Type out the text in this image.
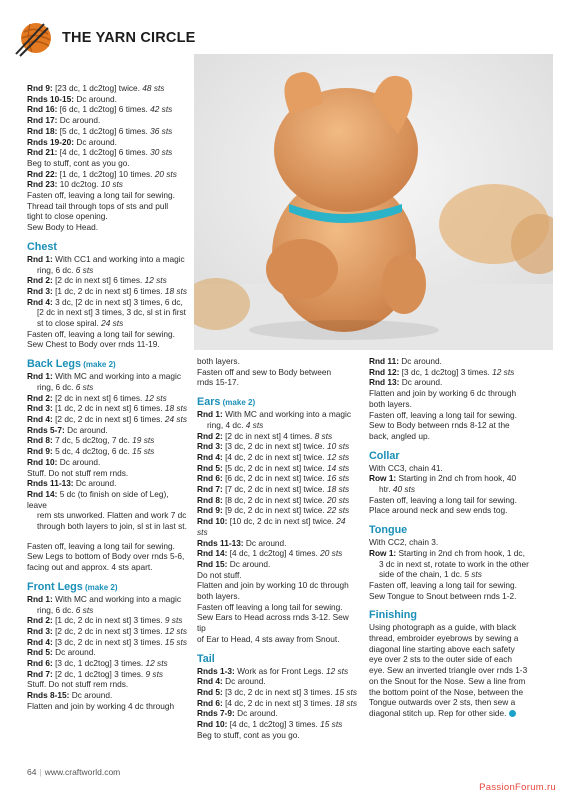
THE YARN CIRCLE
Rnd 9: [23 dc, 1 dc2tog] twice. 48 sts
Rnds 10-15: Dc around.
Rnd 16: [6 dc, 1 dc2tog] 6 times. 42 sts
Rnd 17: Dc around.
Rnd 18: [5 dc, 1 dc2tog] 6 times. 36 sts
Rnds 19-20: Dc around.
Rnd 21: [4 dc, 1 dc2tog] 6 times. 30 sts
Beg to stuff, cont as you go.
Rnd 22: [1 dc, 1 dc2tog] 10 times. 20 sts
Rnd 23: 10 dc2tog. 10 sts
Fasten off, leaving a long tail for sewing.
Thread tail through tops of sts and pull
tight to close opening.
Sew Body to Head.
Chest
Rnd 1: With CC1 and working into a magic
ring, 6 dc. 6 sts
Rnd 2: [2 dc in next st] 6 times. 12 sts
Rnd 3: [1 dc, 2 dc in next st] 6 times. 18 sts
Rnd 4: 3 dc, [2 dc in next st] 3 times, 6 dc,
[2 dc in next st] 3 times, 3 dc, sl st in first
st to close spiral. 24 sts
Fasten off, leaving a long tail for sewing.
Sew Chest to Body over rnds 11-19.
Back Legs (make 2)
Rnd 1: With MC and working into a magic
ring, 6 dc. 6 sts
Rnd 2: [2 dc in next st] 6 times. 12 sts
Rnd 3: [1 dc, 2 dc in next st] 6 times. 18 sts
Rnd 4: [2 dc, 2 dc in next st] 6 times. 24 sts
Rnds 5-7: Dc around.
Rnd 8: 7 dc, 5 dc2tog, 7 dc. 19 sts
Rnd 9: 5 dc, 4 dc2tog, 6 dc. 15 sts
Rnd 10: Dc around.
Stuff. Do not stuff rem rnds.
Rnds 11-13: Dc around.
Rnd 14: 5 dc (to finish on side of Leg), leave
rem sts unworked. Flatten and work 7 dc
through both layers to join, sl st in last st.
Fasten off, leaving a long tail for sewing.
Sew Legs to bottom of Body over rnds 5-6,
facing out and approx. 4 sts apart.
Front Legs (make 2)
Rnd 1: With MC and working into a magic
ring, 6 dc. 6 sts
Rnd 2: [1 dc, 2 dc in next st] 3 times. 9 sts
Rnd 3: [2 dc, 2 dc in next st] 3 times. 12 sts
Rnd 4: [3 dc, 2 dc in next st] 3 times. 15 sts
Rnd 5: Dc around.
Rnd 6: [3 dc, 1 dc2tog] 3 times. 12 sts
Rnd 7: [2 dc, 1 dc2tog] 3 times. 9 sts
Stuff. Do not stuff rem rnds.
Rnds 8-15: Dc around.
Flatten and join by working 4 dc through
both layers.
Fasten off and sew to Body between
rnds 15-17.
Ears (make 2)
Rnd 1: With MC and working into a magic
ring, 4 dc. 4 sts
Rnd 2: [2 dc in next st] 4 times. 8 sts
Rnd 3: [3 dc, 2 dc in next st] twice. 10 sts
Rnd 4: [4 dc, 2 dc in next st] twice. 12 sts
Rnd 5: [5 dc, 2 dc in next st] twice. 14 sts
Rnd 6: [6 dc, 2 dc in next st] twice. 16 sts
Rnd 7: [7 dc, 2 dc in next st] twice. 18 sts
Rnd 8: [8 dc, 2 dc in next st] twice. 20 sts
Rnd 9: [9 dc, 2 dc in next st] twice. 22 sts
Rnd 10: [10 dc, 2 dc in next st] twice. 24 sts
Rnds 11-13: Dc around.
Rnd 14: [4 dc, 1 dc2tog] 4 times. 20 sts
Rnd 15: Dc around.
Do not stuff.
Flatten and join by working 10 dc through
both layers.
Fasten off leaving a long tail for sewing.
Sew Ears to Head across rnds 3-12. Sew tip
of Ear to Head, 4 sts away from Snout.
Tail
Rnds 1-3: Work as for Front Legs. 12 sts
Rnd 4: Dc around.
Rnd 5: [3 dc, 2 dc in next st] 3 times. 15 sts
Rnd 6: [4 dc, 2 dc in next st] 3 times. 18 sts
Rnds 7-9: Dc around.
Rnd 10: [4 dc, 1 dc2tog] 3 times. 15 sts
Beg to stuff, cont as you go.
Rnd 11: Dc around.
Rnd 12: [3 dc, 1 dc2tog] 3 times. 12 sts
Rnd 13: Dc around.
Flatten and join by working 6 dc through
both layers.
Fasten off, leaving a long tail for sewing.
Sew to Body between rnds 8-12 at the
back, angled up.
Collar
With CC3, chain 41.
Row 1: Starting in 2nd ch from hook, 40
htr. 40 sts
Fasten off, leaving a long tail for sewing.
Place around neck and sew ends tog.
Tongue
With CC2, chain 3.
Row 1: Starting in 2nd ch from hook, 1 dc,
3 dc in next st, rotate to work in the other
side of the chain, 1 dc. 5 sts
Fasten off, leaving a long tail for sewing.
Sew Tongue to Snout between rnds 1-2.
Finishing
Using photograph as a guide, with black
thread, embroider eyebrows by sewing a
diagonal line starting above each safety
eye over 2 sts to the outer side of each
eye. Sew an inverted triangle over rnds 1-3
on the Snout for the Nose. Sew a line from
the bottom point of the Nose, between the
Tongue outwards over 2 sts, then sew a
diagonal stitch up. Rep for other side.
64 | www.craftworld.com
PassionForum.ru
